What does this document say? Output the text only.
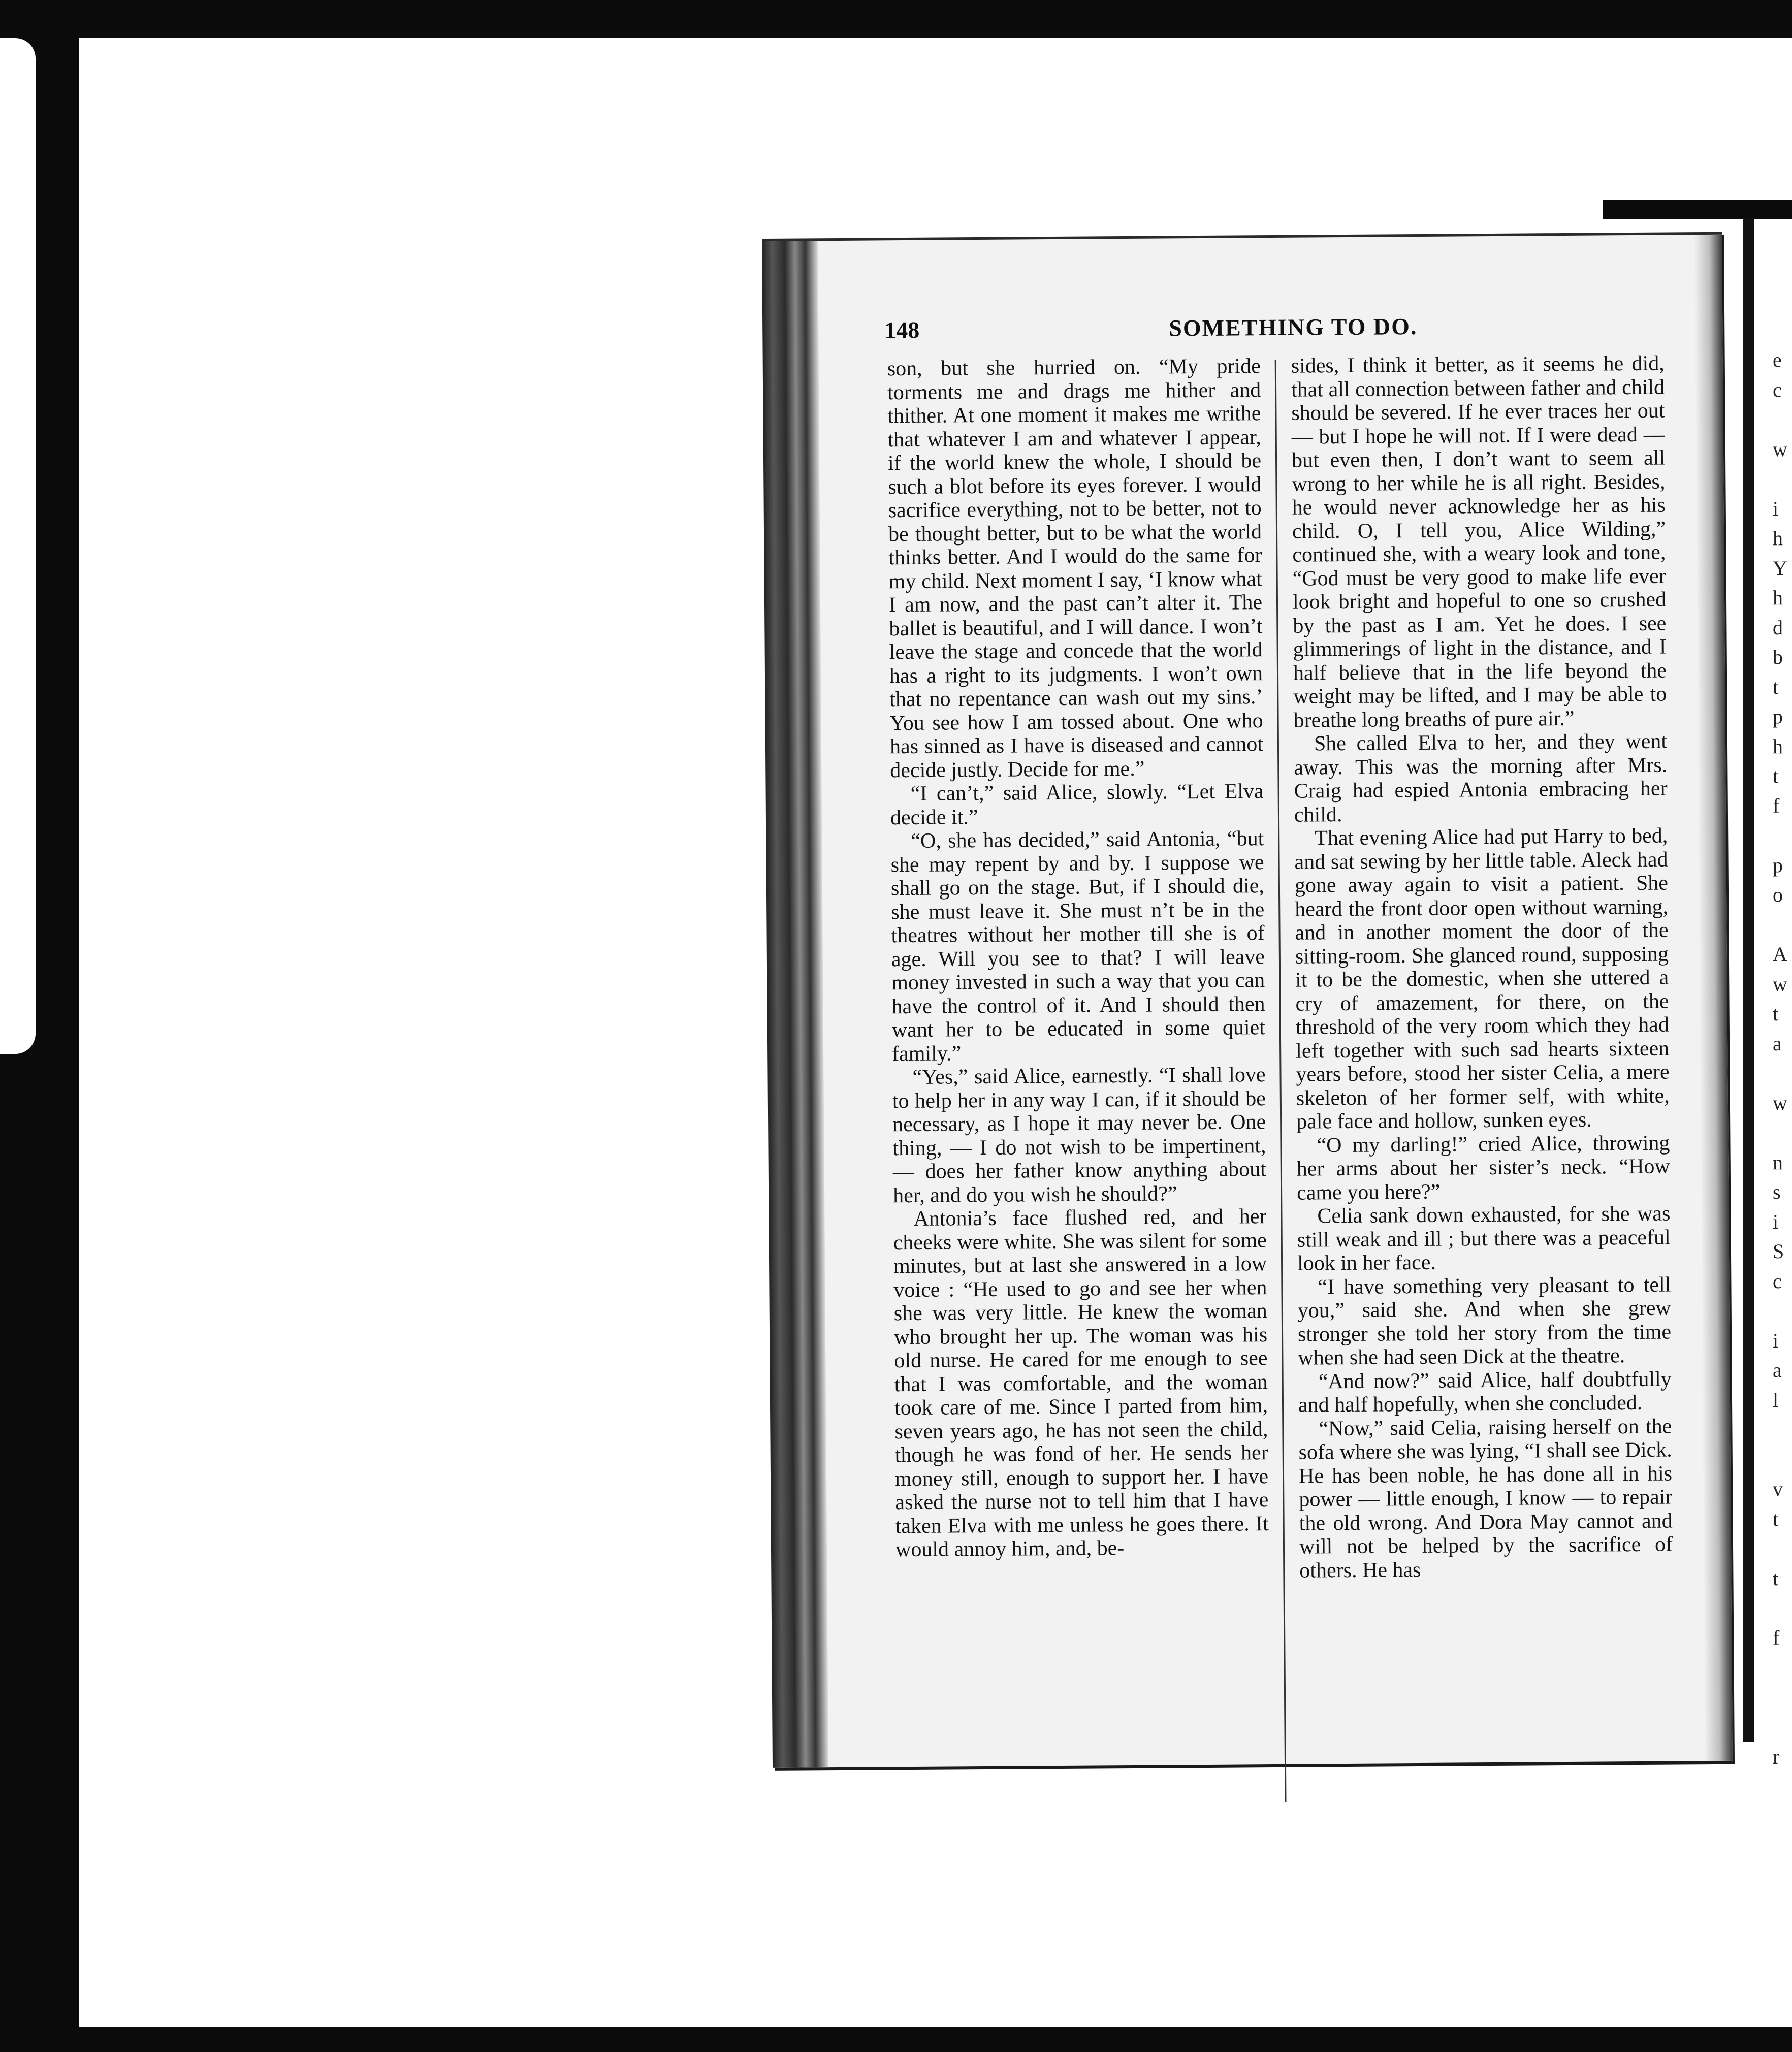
e
c

w

i
h
Y
h
d
b
t
p
h
t
f

p
o

A
w
t
a

w

n
s
i
S
c

i
a
l

v
t

t

f

r

148	SOMETHING TO DO.

son, but she hurried on. “My pride torments me and drags me hither and thither. At one moment it makes me writhe that whatever I am and whatever I appear, if the world knew the whole, I should be such a blot before its eyes forever. I would sacrifice everything, not to be better, not to be thought better, but to be what the world thinks better. And I would do the same for my child. Next moment I say, ‘I know what I am now, and the past can’t alter it. The ballet is beautiful, and I will dance. I won’t leave the stage and concede that the world has a right to its judgments. I won’t own that no repentance can wash out my sins.’ You see how I am tossed about. One who has sinned as I have is diseased and cannot decide justly. Decide for me.”

“I can’t,” said Alice, slowly. “Let Elva decide it.”

“O, she has decided,” said Antonia, “but she may repent by and by. I suppose we shall go on the stage. But, if I should die, she must leave it. She must n’t be in the theatres without her mother till she is of age. Will you see to that? I will leave money invested in such a way that you can have the control of it. And I should then want her to be educated in some quiet family.”

“Yes,” said Alice, earnestly. “I shall love to help her in any way I can, if it should be necessary, as I hope it may never be. One thing, — I do not wish to be impertinent, — does her father know anything about her, and do you wish he should?”

Antonia’s face flushed red, and her cheeks were white. She was silent for some minutes, but at last she answered in a low voice : “He used to go and see her when she was very little. He knew the woman who brought her up. The woman was his old nurse. He cared for me enough to see that I was comfortable, and the woman took care of me. Since I parted from him, seven years ago, he has not seen the child, though he was fond of her. He sends her money still, enough to support her. I have asked the nurse not to tell him that I have taken Elva with me unless he goes there. It would annoy him, and, be-

sides, I think it better, as it seems he did, that all connection between father and child should be severed. If he ever traces her out — but I hope he will not. If I were dead — but even then, I don’t want to seem all wrong to her while he is all right. Besides, he would never acknowledge her as his child. O, I tell you, Alice Wilding,” continued she, with a weary look and tone, “God must be very good to make life ever look bright and hopeful to one so crushed by the past as I am. Yet he does. I see glimmerings of light in the distance, and I half believe that in the life beyond the weight may be lifted, and I may be able to breathe long breaths of pure air.”

She called Elva to her, and they went away. This was the morning after Mrs. Craig had espied Antonia embracing her child.

That evening Alice had put Harry to bed, and sat sewing by her little table. Aleck had gone away again to visit a patient. She heard the front door open without warning, and in another moment the door of the sitting-room. She glanced round, supposing it to be the domestic, when she uttered a cry of amazement, for there, on the threshold of the very room which they had left together with such sad hearts sixteen years before, stood her sister Celia, a mere skeleton of her former self, with white, pale face and hollow, sunken eyes.

“O my darling!” cried Alice, throwing her arms about her sister’s neck. “How came you here?”

Celia sank down exhausted, for she was still weak and ill ; but there was a peaceful look in her face.

“I have something very pleasant to tell you,” said she. And when she grew stronger she told her story from the time when she had seen Dick at the theatre.

“And now?” said Alice, half doubtfully and half hopefully, when she concluded.

“Now,” said Celia, raising herself on the sofa where she was lying, “I shall see Dick. He has been noble, he has done all in his power — little enough, I know — to repair the old wrong. And Dora May cannot and will not be helped by the sacrifice of others. He has
